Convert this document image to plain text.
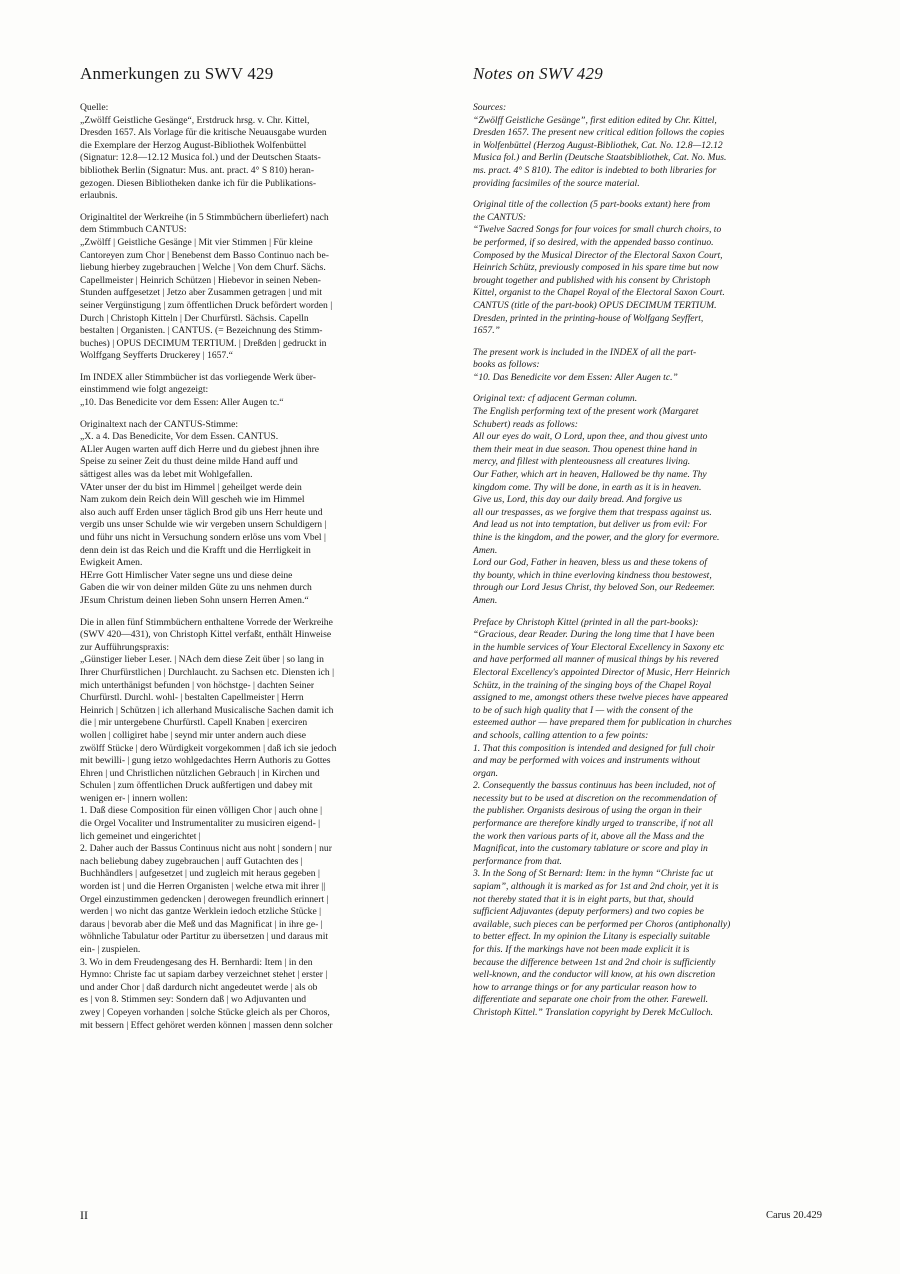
Anmerkungen zu SWV 429

Quelle:
„Zwölff Geistliche Gesänge“, Erstdruck hrsg. v. Chr. Kittel,
Dresden 1657. Als Vorlage für die kritische Neuausgabe wurden
die Exemplare der Herzog August-Bibliothek Wolfenbüttel
(Signatur: 12.8—12.12 Musica fol.) und der Deutschen Staats-
bibliothek Berlin (Signatur: Mus. ant. pract. 4° S 810) heran-
gezogen. Diesen Bibliotheken danke ich für die Publikations-
erlaubnis.

Originaltitel der Werkreihe (in 5 Stimmbüchern überliefert) nach
dem Stimmbuch CANTUS:
„Zwölff | Geistliche Gesänge | Mit vier Stimmen | Für kleine
Cantoreyen zum Chor | Benebenst dem Basso Continuo nach be-
liebung hierbey zugebrauchen | Welche | Von dem Churf. Sächs.
Capellmeister | Heinrich Schützen | Hiebevor in seinen Neben-
Stunden auffgesetzet | Jetzo aber Zusammen getragen | und mit
seiner Vergünstigung | zum öffentlichen Druck befördert worden |
Durch | Christoph Kitteln | Der Churfürstl. Sächsis. Capelln
bestalten | Organisten. | CANTUS. (= Bezeichnung des Stimm-
buches) | OPUS DECIMUM TERTIUM. | Dreßden | gedruckt in
Wolffgang Seyfferts Druckerey | 1657.“

Im INDEX aller Stimmbücher ist das vorliegende Werk über-
einstimmend wie folgt angezeigt:
„10. Das Benedicite vor dem Essen: Aller Augen tc.“

Originaltext nach der CANTUS-Stimme:
„X. a 4. Das Benedicite, Vor dem Essen. CANTUS.
ALler Augen warten auff dich Herre und du giebest jhnen ihre
Speise zu seiner Zeit du thust deine milde Hand auff und
sättigest alles was da lebet mit Wohlgefallen.
VAter unser der du bist im Himmel | geheilget werde dein
Nam zukom dein Reich dein Will gescheh wie im Himmel
also auch auff Erden unser täglich Brod gib uns Herr heute und
vergib uns unser Schulde wie wir vergeben unsern Schuldigern |
und führ uns nicht in Versuchung sondern erlöse uns vom Vbel |
denn dein ist das Reich und die Krafft und die Herrligkeit in
Ewigkeit Amen.
HErre Gott Himlischer Vater segne uns und diese deine
Gaben die wir von deiner milden Güte zu uns nehmen durch
JEsum Christum deinen lieben Sohn unsern Herren Amen.“

Die in allen fünf Stimmbüchern enthaltene Vorrede der Werkreihe
(SWV 420—431), von Christoph Kittel verfaßt, enthält Hinweise
zur Aufführungspraxis:
„Günstiger lieber Leser. | NAch dem diese Zeit über | so lang in
Ihrer Churfürstlichen | Durchlaucht. zu Sachsen etc. Diensten ich |
mich unterthänigst befunden | von höchstge- | dachten Seiner
Churfürstl. Durchl. wohl- | bestalten Capellmeister | Herrn
Heinrich | Schützen | ich allerhand Musicalische Sachen damit ich
die | mir untergebene Churfürstl. Capell Knaben | exerciren
wollen | colligiret habe | seynd mir unter andern auch diese
zwölff Stücke | dero Würdigkeit vorgekommen | daß ich sie jedoch
mit bewilli- | gung ietzo wohlgedachtes Herrn Authoris zu Gottes
Ehren | und Christlichen nützlichen Gebrauch | in Kirchen und
Schulen | zum öffentlichen Druck außfertigen und dabey mit
wenigen er- | innern wollen:
1. Daß diese Composition für einen völligen Chor | auch ohne |
die Orgel Vocaliter und Instrumentaliter zu musiciren eigend- |
lich gemeinet und eingerichtet |
2. Daher auch der Bassus Continuus nicht aus noht | sondern | nur
nach beliebung dabey zugebrauchen | auff Gutachten des |
Buchhändlers | aufgesetzet | und zugleich mit heraus gegeben |
worden ist | und die Herren Organisten | welche etwa mit ihrer ||
Orgel einzustimmen gedencken | derowegen freundlich erinnert |
werden | wo nicht das gantze Werklein iedoch etzliche Stücke |
daraus | bevorab aber die Meß und das Magnificat | in ihre ge- |
wöhnliche Tabulatur oder Partitur zu übersetzen | und daraus mit
ein- | zuspielen.
3. Wo in dem Freudengesang des H. Bernhardi: Item | in den
Hymno: Christe fac ut sapiam darbey verzeichnet stehet | erster |
und ander Chor | daß dardurch nicht angedeutet werde | als ob
es | von 8. Stimmen sey: Sondern daß | wo Adjuvanten und
zwey | Copeyen vorhanden | solche Stücke gleich als per Choros,
mit bessern | Effect gehöret werden können | massen denn solcher

Notes on SWV 429

Sources:
“Zwölff Geistliche Gesänge”, first edition edited by Chr. Kittel,
Dresden 1657. The present new critical edition follows the copies
in Wolfenbüttel (Herzog August-Bibliothek, Cat. No. 12.8—12.12
Musica fol.) and Berlin (Deutsche Staatsbibliothek, Cat. No. Mus.
ms. pract. 4° S 810). The editor is indebted to both libraries for
providing facsimiles of the source material.

Original title of the collection (5 part-books extant) here from
the CANTUS:
“Twelve Sacred Songs for four voices for small church choirs, to
be performed, if so desired, with the appended basso continuo.
Composed by the Musical Director of the Electoral Saxon Court,
Heinrich Schütz, previously composed in his spare time but now
brought together and published with his consent by Christoph
Kittel, organist to the Chapel Royal of the Electoral Saxon Court.
CANTUS (title of the part-book) OPUS DECIMUM TERTIUM.
Dresden, printed in the printing-house of Wolfgang Seyffert,
1657.”

The present work is included in the INDEX of all the part-
books as follows:
“10. Das Benedicite vor dem Essen: Aller Augen tc.”

Original text: cf adjacent German column.
The English performing text of the present work (Margaret
Schubert) reads as follows:
All our eyes do wait, O Lord, upon thee, and thou givest unto
them their meat in due season. Thou openest thine hand in
mercy, and fillest with plenteousness all creatures living.
Our Father, which art in heaven, Hallowed be thy name. Thy
kingdom come. Thy will be done, in earth as it is in heaven.
Give us, Lord, this day our daily bread. And forgive us
all our trespasses, as we forgive them that trespass against us.
And lead us not into temptation, but deliver us from evil: For
thine is the kingdom, and the power, and the glory for evermore.
Amen.
Lord our God, Father in heaven, bless us and these tokens of
thy bounty, which in thine everloving kindness thou bestowest,
through our Lord Jesus Christ, thy beloved Son, our Redeemer.
Amen.

Preface by Christoph Kittel (printed in all the part-books):
“Gracious, dear Reader. During the long time that I have been
in the humble services of Your Electoral Excellency in Saxony etc
and have performed all manner of musical things by his revered
Electoral Excellency's appointed Director of Music, Herr Heinrich
Schütz, in the training of the singing boys of the Chapel Royal
assigned to me, amongst others these twelve pieces have appeared
to be of such high quality that I — with the consent of the
esteemed author — have prepared them for publication in churches
and schools, calling attention to a few points:
1. That this composition is intended and designed for full choir
and may be performed with voices and instruments without
organ.
2. Consequently the bassus continuus has been included, not of
necessity but to be used at discretion on the recommendation of
the publisher. Organists desirous of using the organ in their
performance are therefore kindly urged to transcribe, if not all
the work then various parts of it, above all the Mass and the
Magnificat, into the customary tablature or score and play in
performance from that.
3. In the Song of St Bernard: Item: in the hymn “Christe fac ut
sapiam”, although it is marked as for 1st and 2nd choir, yet it is
not thereby stated that it is in eight parts, but that, should
sufficient Adjuvantes (deputy performers) and two copies be
available, such pieces can be performed per Choros (antiphonally)
to better effect. In my opinion the Litany is especially suitable
for this. If the markings have not been made explicit it is
because the difference between 1st and 2nd choir is sufficiently
well-known, and the conductor will know, at his own discretion
how to arrange things or for any particular reason how to
differentiate and separate one choir from the other. Farewell.
Christoph Kittel.” Translation copyright by Derek McCulloch.

II	Carus 20.429
